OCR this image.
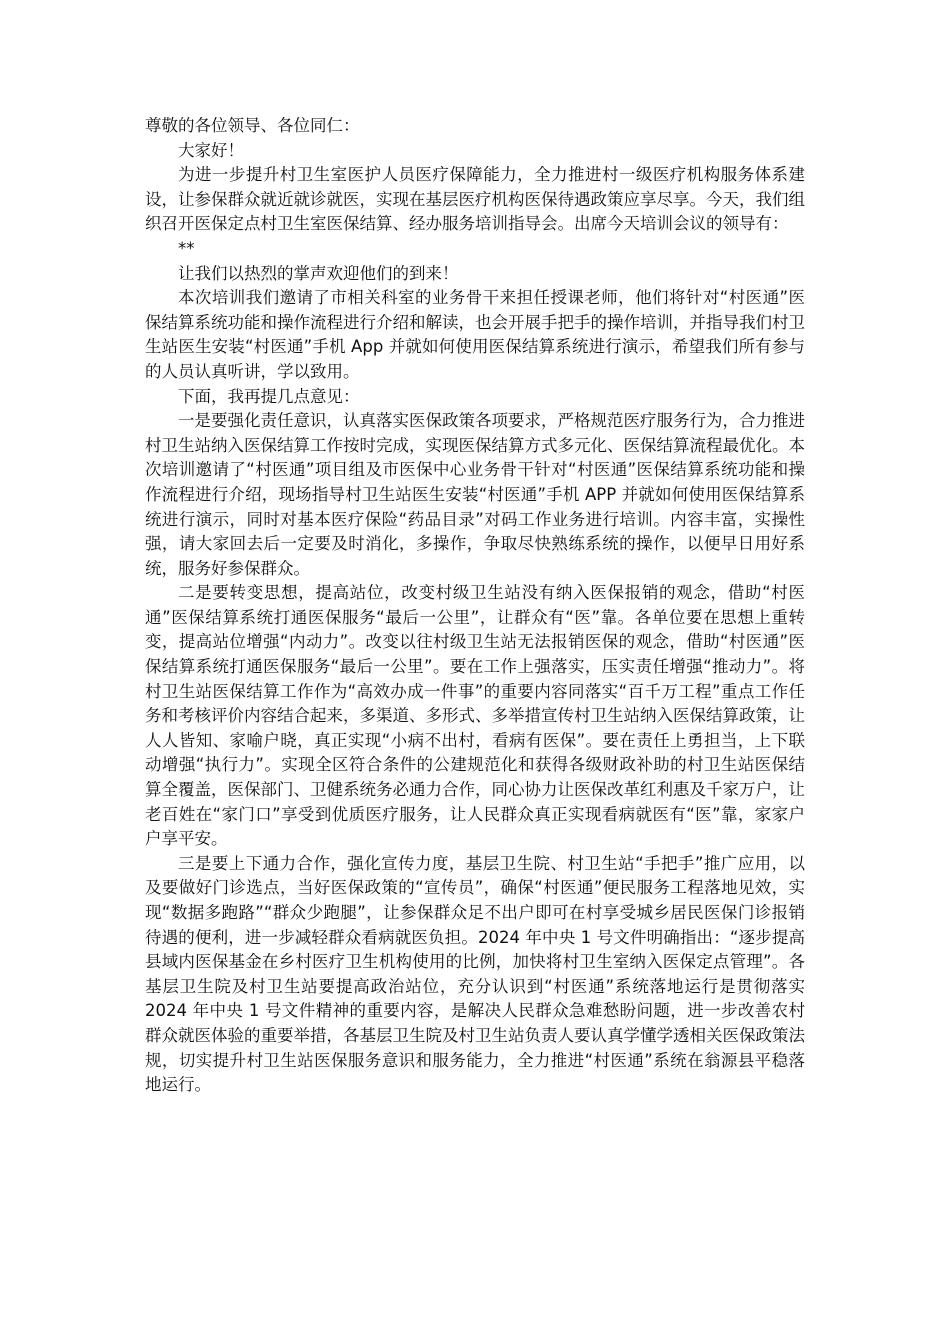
尊敬的各位领导、各位同仁：

大家好！

为进一步提升村卫生室医护人员医疗保障能力，全力推进村一级医疗机构服务体系建设，让参保群众就近就诊就医，实现在基层医疗机构医保待遇政策应享尽享。今天，我们组织召开医保定点村卫生室医保结算、经办服务培训指导会。出席今天培训会议的领导有：

**

让我们以热烈的掌声欢迎他们的到来！

本次培训我们邀请了市相关科室的业务骨干来担任授课老师，他们将针对“村医通”医保结算系统功能和操作流程进行介绍和解读，也会开展手把手的操作培训，并指导我们村卫生站医生安装“村医通”手机 App 并就如何使用医保结算系统进行演示，希望我们所有参与的人员认真听讲，学以致用。

下面，我再提几点意见：

一是要强化责任意识，认真落实医保政策各项要求，严格规范医疗服务行为，合力推进村卫生站纳入医保结算工作按时完成，实现医保结算方式多元化、医保结算流程最优化。本次培训邀请了“村医通”项目组及市医保中心业务骨干针对“村医通”医保结算系统功能和操作流程进行介绍，现场指导村卫生站医生安装“村医通”手机 APP 并就如何使用医保结算系统进行演示，同时对基本医疗保险“药品目录”对码工作业务进行培训。内容丰富，实操性强，请大家回去后一定要及时消化，多操作，争取尽快熟练系统的操作，以便早日用好系统，服务好参保群众。

二是要转变思想，提高站位，改变村级卫生站没有纳入医保报销的观念，借助“村医通”医保结算系统打通医保服务“最后一公里”，让群众有“医”靠。各单位要在思想上重转变，提高站位增强“内动力”。改变以往村级卫生站无法报销医保的观念，借助“村医通”医保结算系统打通医保服务“最后一公里”。要在工作上强落实，压实责任增强“推动力”。将村卫生站医保结算工作作为“高效办成一件事”的重要内容同落实“百千万工程”重点工作任务和考核评价内容结合起来，多渠道、多形式、多举措宣传村卫生站纳入医保结算政策，让人人皆知、家喻户晓，真正实现“小病不出村，看病有医保”。要在责任上勇担当，上下联动增强“执行力”。实现全区符合条件的公建规范化和获得各级财政补助的村卫生站医保结算全覆盖，医保部门、卫健系统务必通力合作，同心协力让医保改革红利惠及千家万户，让老百姓在“家门口”享受到优质医疗服务，让人民群众真正实现看病就医有“医”靠，家家户户享平安。

三是要上下通力合作，强化宣传力度，基层卫生院、村卫生站“手把手”推广应用，以及要做好门诊选点，当好医保政策的“宣传员”，确保“村医通”便民服务工程落地见效，实现“数据多跑路”“群众少跑腿”，让参保群众足不出户即可在村享受城乡居民医保门诊报销待遇的便利，进一步减轻群众看病就医负担。2024 年中央 1 号文件明确指出：“逐步提高县域内医保基金在乡村医疗卫生机构使用的比例，加快将村卫生室纳入医保定点管理”。各基层卫生院及村卫生站要提高政治站位，充分认识到“村医通”系统落地运行是贯彻落实 2024 年中央 1 号文件精神的重要内容，是解决人民群众急难愁盼问题，进一步改善农村群众就医体验的重要举措，各基层卫生院及村卫生站负责人要认真学懂学透相关医保政策法规，切实提升村卫生站医保服务意识和服务能力，全力推进“村医通”系统在翁源县平稳落地运行。
